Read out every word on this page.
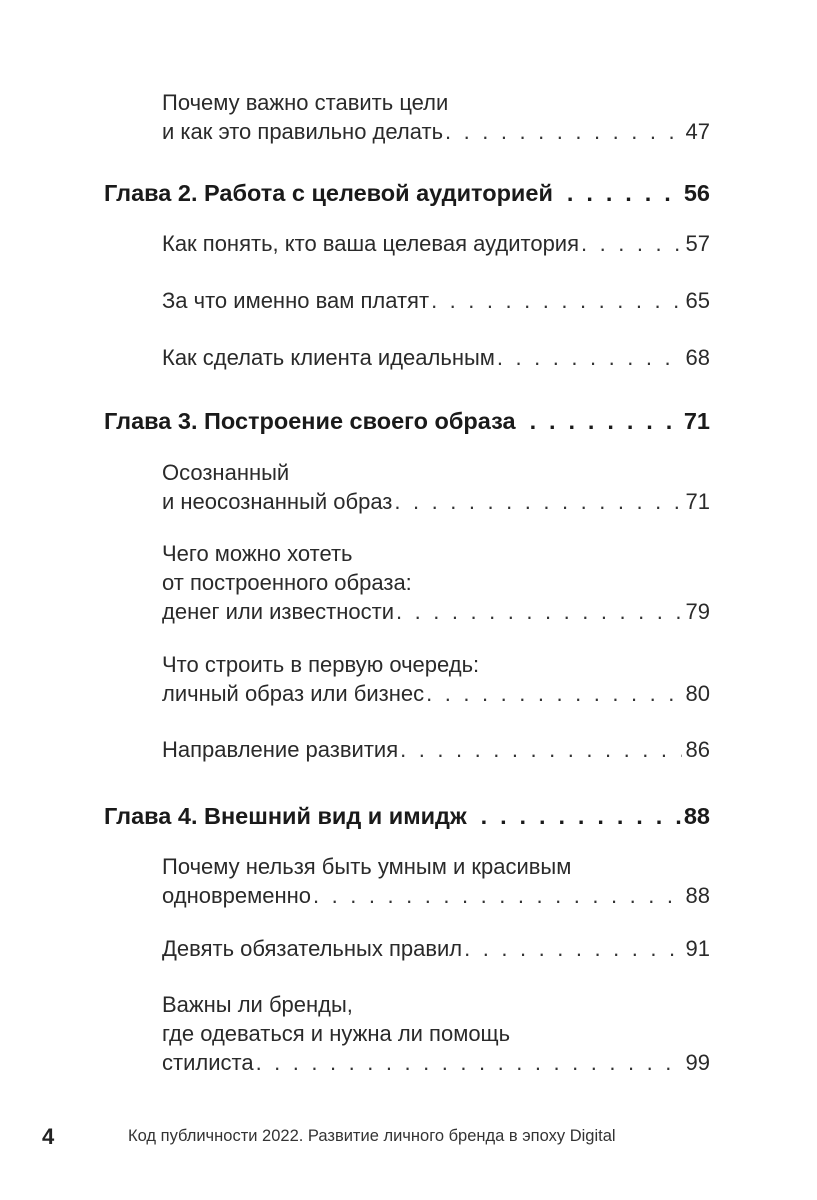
Почему важно ставить цели
и как это правильно делать . . .	47
Глава 2. Работа с целевой аудиторией . . .	56
Как понять, кто ваша целевая аудитория . . .	57
За что именно вам платят . . .	65
Как сделать клиента идеальным . . .	68
Глава 3. Построение своего образа . . .	71
Осознанный
и неосознанный образ . . .	71
Чего можно хотеть
от построенного образа:
денег или известности . . .	79
Что строить в первую очередь:
личный образ или бизнес . . .	80
Направление развития . . .	86
Глава 4. Внешний вид и имидж . . .	88
Почему нельзя быть умным и красивым
одновременно . . .	88
Девять обязательных правил . . .	91
Важны ли бренды,
где одеваться и нужна ли помощь
стилиста . . .	99
4	Код публичности 2022. Развитие личного бренда в эпоху Digital
